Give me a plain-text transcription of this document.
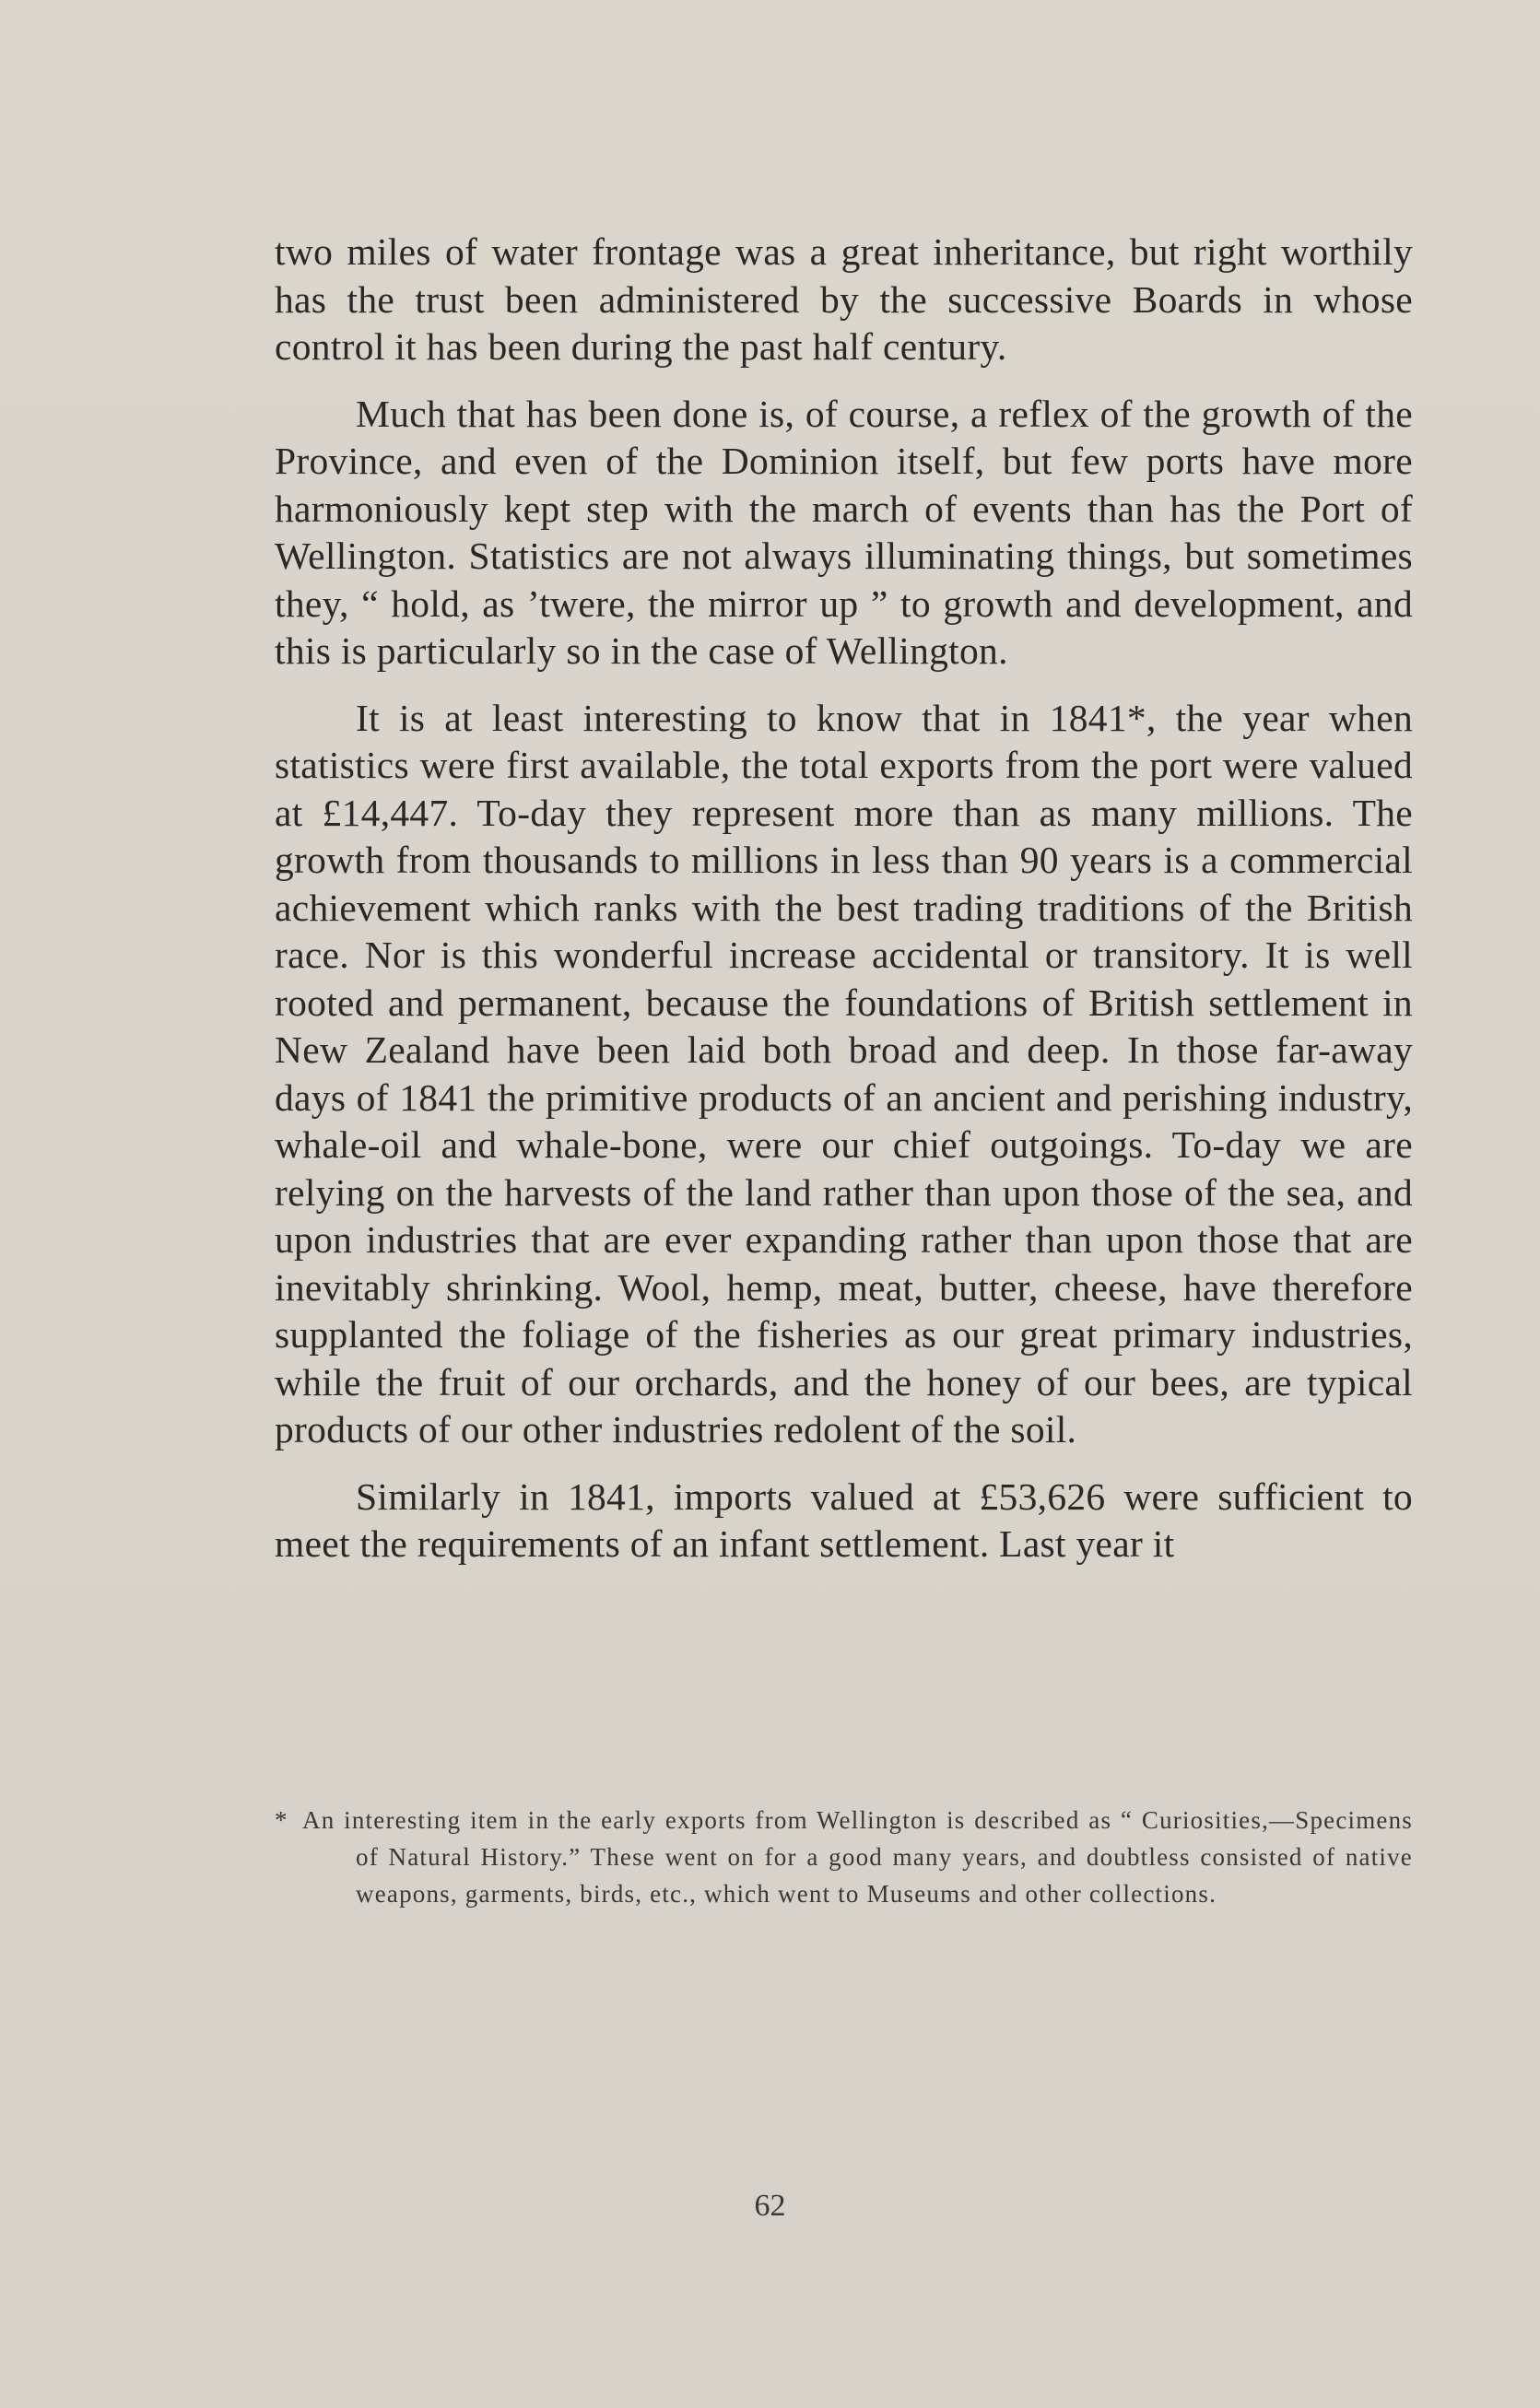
two miles of water frontage was a great inheritance, but right worthily has the trust been administered by the successive Boards in whose control it has been during the past half century.

Much that has been done is, of course, a reflex of the growth of the Province, and even of the Dominion itself, but few ports have more harmoniously kept step with the march of events than has the Port of Wellington. Statistics are not always illuminating things, but sometimes they, “ hold, as ’twere, the mirror up ” to growth and development, and this is particularly so in the case of Wellington.

It is at least interesting to know that in 1841*, the year when statistics were first available, the total exports from the port were valued at £14,447. To-day they represent more than as many millions. The growth from thousands to millions in less than 90 years is a commercial achievement which ranks with the best trading traditions of the British race. Nor is this wonderful increase accidental or transitory. It is well rooted and permanent, because the foundations of British settlement in New Zealand have been laid both broad and deep. In those far-away days of 1841 the primitive products of an ancient and perishing industry, whale-oil and whale-bone, were our chief outgoings. To-day we are relying on the harvests of the land rather than upon those of the sea, and upon industries that are ever expanding rather than upon those that are inevitably shrinking. Wool, hemp, meat, butter, cheese, have therefore supplanted the foliage of the fisheries as our great primary industries, while the fruit of our orchards, and the honey of our bees, are typical products of our other industries redolent of the soil.

Similarly in 1841, imports valued at £53,626 were sufficient to meet the requirements of an infant settlement. Last year it

* An interesting item in the early exports from Wellington is described as “ Curiosities,—Specimens of Natural History.” These went on for a good many years, and doubtless consisted of native weapons, garments, birds, etc., which went to Museums and other collections.

62
